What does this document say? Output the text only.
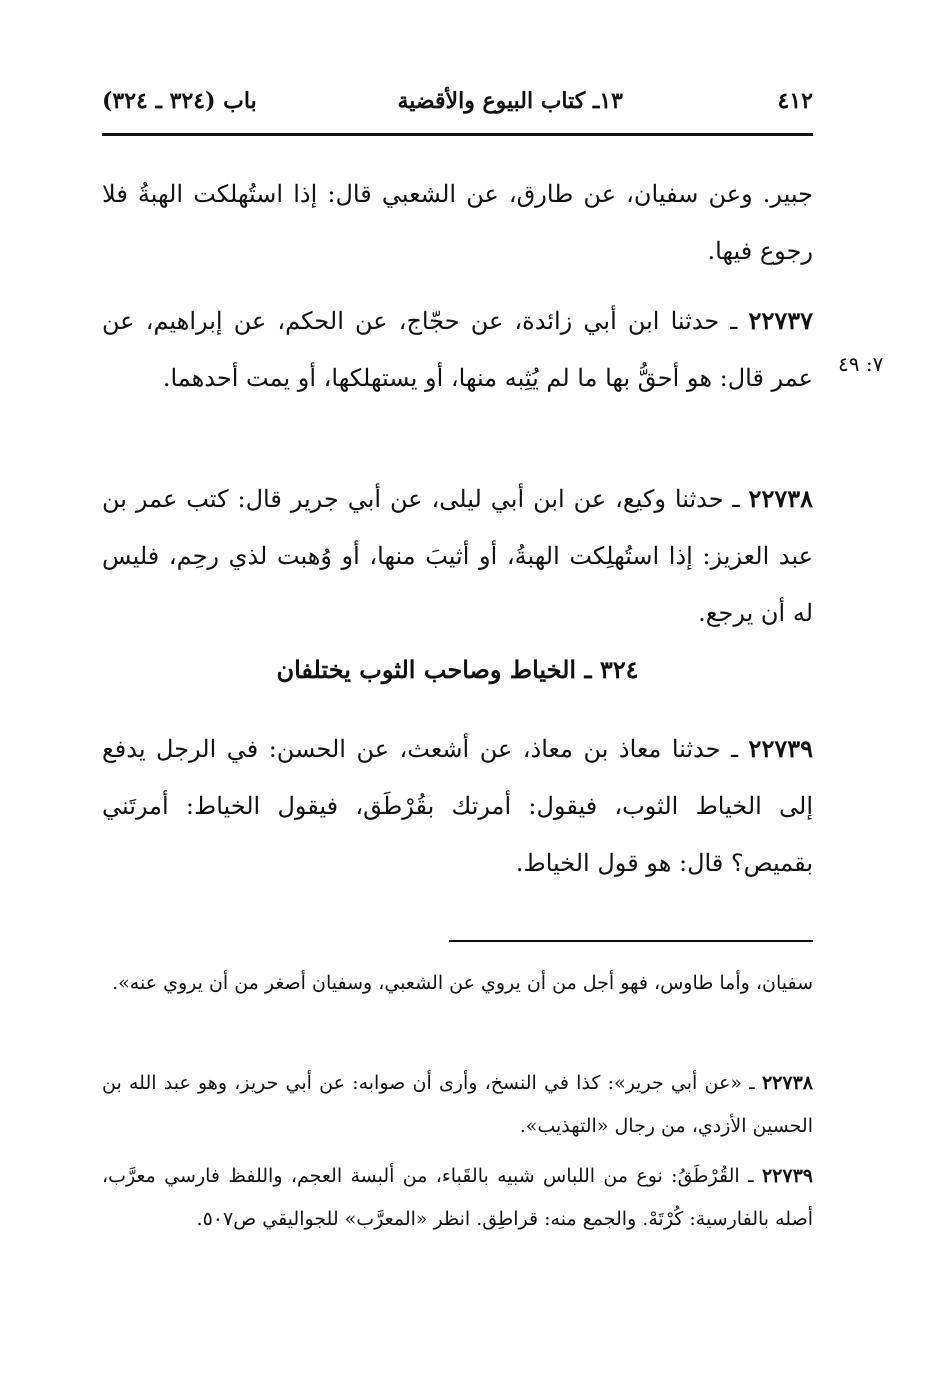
٤١٢
١٣ـ كتاب البيوع والأقضية
باب (٣٢٤ ـ ٣٢٤)
جبير. وعن سفيان، عن طارق، عن الشعبي قال: إذا استُهلكت الهبةُ فلا رجوع فيها.
٢٢٧٣٧ ـ حدثنا ابن أبي زائدة، عن حجّاج، عن الحكم، عن إبراهيم، عن عمر قال: هو أحقُّ بها ما لم يُثِبه منها، أو يستهلكها، أو يمت أحدهما. ٧: ٤٩
٢٢٧٣٨ ـ حدثنا وكيع، عن ابن أبي ليلى، عن أبي جرير قال: كتب عمر بن عبد العزيز: إذا استُهلِكت الهبةُ، أو أثيبَ منها، أو وُهبت لذي رحِم، فليس له أن يرجع.
٣٢٤ ـ الخياط وصاحب الثوب يختلفان
٢٢٧٣٩ ـ حدثنا معاذ بن معاذ، عن أشعث، عن الحسن: في الرجل يدفع إلى الخياط الثوب، فيقول: أمرتك بقُرْطَق، فيقول الخياط: أمرتَني بقميص؟ قال: هو قول الخياط.
سفيان، وأما طاوس، فهو أجل من أن يروي عن الشعبي، وسفيان أصغر من أن يروي عنه».
٢٢٧٣٨ ـ «عن أبي جرير»: كذا في النسخ، وأرى أن صوابه: عن أبي حريز، وهو عبد الله بن الحسين الأزدي، من رجال «التهذيب».
٢٢٧٣٩ ـ القُرْطَقُ: نوع من اللباس شبيه بالقَباء، من ألبسة العجم، واللفظ فارسي معرَّب، أصله بالفارسية: كُرْتَهْ. والجمع منه: قراطِق. انظر «المعرَّب» للجواليقي ص٥٠٧.
